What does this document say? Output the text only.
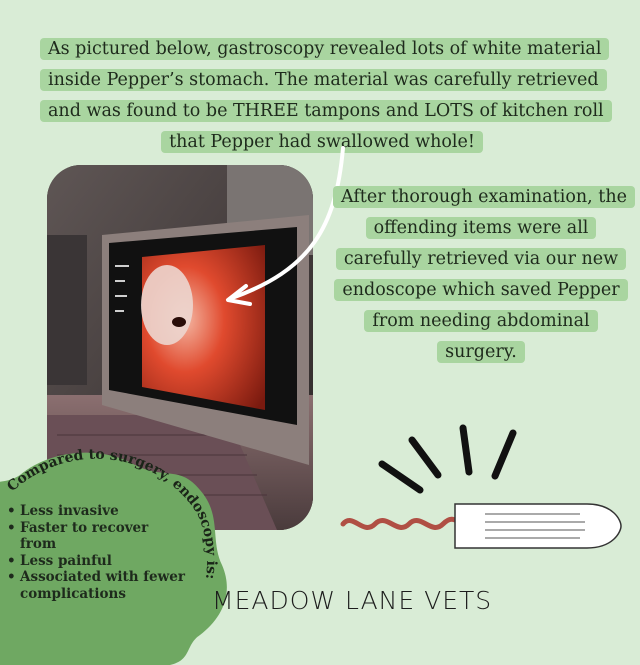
As pictured below, gastroscopy revealed lots of white material inside Pepper’s stomach. The material was carefully retrieved and was found to be THREE tampons and LOTS of kitchen roll that Pepper had swallowed whole!

After thorough examination, the offending items were all carefully retrieved via our new endoscope which saved Pepper from needing abdominal surgery.

Compared to surgery, endoscopy is:
• Less invasive
• Faster to recover from
• Less painful
• Associated with fewer complications	MEADOW LANE VETS
